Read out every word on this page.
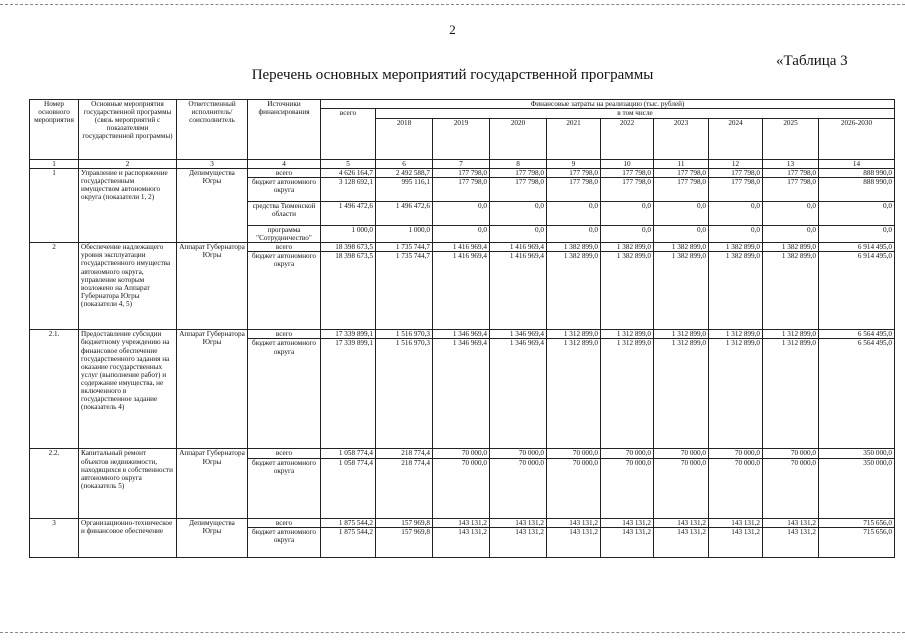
2
«Таблица 3
Перечень основных мероприятий государственной программы
Номер основного мероприятия	Основные мероприятия государственной программы (связь мероприятий с показателями государственной программы)	Ответственный исполнитель/ соисполнитель	Источники финансирования	Финансовые затраты на реализацию (тыс. рублей)									
				всего	в том числе								
					2018	2019	2020	2021	2022	2023	2024	2025	2026-2030
1	2	3	4	5	6	7	8	9	10	11	12	13	14
1	Управление и распоряжение государственным имуществом автономного округа (показатели 1, 2)	Депимущества Югры	всего	4 626 164,7	2 492 588,7	177 798,0	177 798,0	177 798,0	177 798,0	177 798,0	177 798,0	177 798,0	888 990,0
			бюджет автономного округа	3 128 692,1	995 116,1	177 798,0	177 798,0	177 798,0	177 798,0	177 798,0	177 798,0	177 798,0	888 990,0
			средства Тюменской области	1 496 472,6	1 496 472,6	0,0	0,0	0,0	0,0	0,0	0,0	0,0	0,0
			программа "Сотрудничество"	1 000,0	1 000,0	0,0	0,0	0,0	0,0	0,0	0,0	0,0	0,0
2	Обеспечение надлежащего уровня эксплуатации государственного имущества автономного округа, управление которым возложено на Аппарат Губернатора Югры (показатели 4, 5)	Аппарат Губернатора Югры	всего	18 398 673,5	1 735 744,7	1 416 969,4	1 416 969,4	1 382 899,0	1 382 899,0	1 382 899,0	1 382 899,0	1 382 899,0	6 914 495,0
			бюджет автономного округа	18 398 673,5	1 735 744,7	1 416 969,4	1 416 969,4	1 382 899,0	1 382 899,0	1 382 899,0	1 382 899,0	1 382 899,0	6 914 495,0
2.1.	Предоставление субсидии бюджетному учреждению на финансовое обеспечение государственного задания на оказание государственных услуг (выполнение работ) и содержание имущества, не включенного в государственное задание (показатель 4)	Аппарат Губернатора Югры	всего	17 339 899,1	1 516 970,3	1 346 969,4	1 346 969,4	1 312 899,0	1 312 899,0	1 312 899,0	1 312 899,0	1 312 899,0	6 564 495,0
			бюджет автономного округа	17 339 899,1	1 516 970,3	1 346 969,4	1 346 969,4	1 312 899,0	1 312 899,0	1 312 899,0	1 312 899,0	1 312 899,0	6 564 495,0
2.2.	Капитальный ремонт объектов недвижимости, находящихся в собственности автономного округа (показатель 5)	Аппарат Губернатора Югры	всего	1 058 774,4	218 774,4	70 000,0	70 000,0	70 000,0	70 000,0	70 000,0	70 000,0	70 000,0	350 000,0
			бюджет автономного округа	1 058 774,4	218 774,4	70 000,0	70 000,0	70 000,0	70 000,0	70 000,0	70 000,0	70 000,0	350 000,0
3	Организационно-техническое и финансовое обеспечение	Депимущества Югры	всего	1 875 544,2	157 969,8	143 131,2	143 131,2	143 131,2	143 131,2	143 131,2	143 131,2	143 131,2	715 656,0
			бюджет автономного округа	1 875 544,2	157 969,8	143 131,2	143 131,2	143 131,2	143 131,2	143 131,2	143 131,2	143 131,2	715 656,0
